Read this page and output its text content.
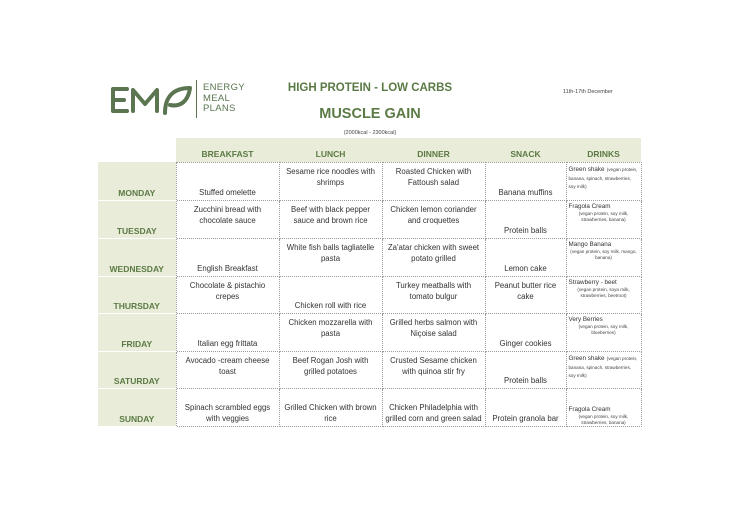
ENERGY
MEAL
PLANS
HIGH PROTEIN - LOW CARBS
MUSCLE GAIN
(2000kcal - 2300kcal)
11th-17th December
	BREAKFAST	LUNCH	DINNER	SNACK	DRINKS
MONDAY	Stuffed omelette	Sesame rice noodles with shrimps	Roasted Chicken with Fattoush salad	Banana muffins	Green shake (vegan protein, banana, spinach, strawberries, soy milk)
TUESDAY	Zucchini bread with chocolate sauce	Beef with black pepper sauce and brown rice	Chicken lemon coriander and croquettes	Protein balls	Fragola Cream
(vegan protein, soy milk, strawberries, banana)

WEDNESDAY	English Breakfast	White fish balls tagliatelle pasta	Za'atar chicken with sweet potato grilled	Lemon cake	Mango Banana
(vegan protein, soy milk, mango, banana)

THURSDAY	Chocolate & pistachio crepes	Chicken roll with rice	Turkey meatballs with tomato bulgur	Peanut butter rice cake	Strawberry - beet
(vegan protein, soya milk, strawberries, beetroot)

FRIDAY	Italian egg frittata	Chicken mozzarella with pasta	Grilled herbs salmon with Niçoise salad	Ginger cookies	Very Berries
(vegan protein, soy milk, blueberries)

SATURDAY	Avocado -cream cheese toast	Beef Rogan Josh with grilled potatoes	Crusted Sesame chicken with quinoa stir fry	Protein balls	Green shake (vegan protein, banana, spinach, strawberries, soy milk)
SUNDAY	Spinach scrambled eggs with veggies	Grilled Chicken with brown rice	Chicken Philadelphia with grilled corn and green salad	Protein granola bar	Fragola Cream
(vegan protein, soy milk, strawberries, banana)
